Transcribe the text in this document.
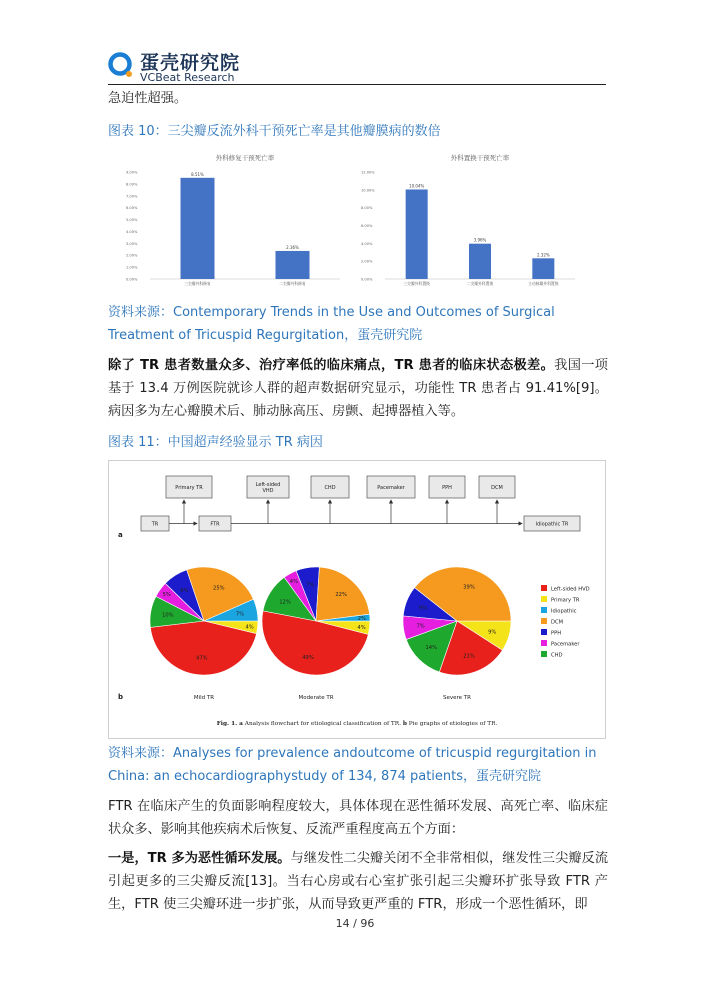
蛋壳研究院
VCBeat Research
急迫性超强。
图表 10：三尖瓣反流外科干预死亡率是其他瓣膜病的数倍
外科修复干预死亡率
0.00%
1.00%
2.00%
3.00%
4.00%
5.00%
6.00%
7.00%
8.00%
9.00%	8.51%
三尖瓣外科修复
2.36%
二尖瓣外科修复
外科置换干预死亡率
0.00%
2.00%
4.00%
6.00%
8.00%
10.00%
12.00%
10.04%
三尖瓣外科置换
3.96%
二尖瓣外科置换
2.32%
主动脉瓣外科置换
资料来源：Contemporary Trends in the Use and Outcomes of Surgical Treatment of Tricuspid Regurgitation，蛋壳研究院
除了 TR 患者数量众多、治疗率低的临床痛点，TR 患者的临床状态极差。我国一项基于 13.4 万例医院就诊人群的超声数据研究显示，功能性 TR 患者占 91.41%[9]。病因多为左心瓣膜术后、肺动脉高压、房颤、起搏器植入等。
图表 11：中国超声经验显示 TR 病因
a
b
Primary TR	Left-sided
VHD	CHD	Pacemaker	PPH	DCM
TR	FTR	Idiopathic TR
4%
47%
10%
5%
8%	25%
7%
Mild TR
4%
49%
12%
4%
7%
22%
2%
Moderate TR
9%
21%
14%
7%
9%
39%
Severe TR
Left-sided HVD
Primary TR
Idiopathic
DCM
PPH
Pacemaker
CHD
Fig. 1. a Analysis flowchart for etiological classification of TR. b Pie graphs of etiologies of TR.
资料来源：Analyses for prevalence andoutcome of tricuspid regurgitation in China: an echocardiographystudy of 134, 874 patients，蛋壳研究院
FTR 在临床产生的负面影响程度较大，具体体现在恶性循环发展、高死亡率、临床症状众多、影响其他疾病术后恢复、反流严重程度高五个方面：
一是，TR 多为恶性循环发展。与继发性二尖瓣关闭不全非常相似，继发性三尖瓣反流引起更多的三尖瓣反流[13]。当右心房或右心室扩张引起三尖瓣环扩张导致 FTR 产生，FTR 使三尖瓣环进一步扩张，从而导致更严重的 FTR，形成一个恶性循环，即
14 / 96
